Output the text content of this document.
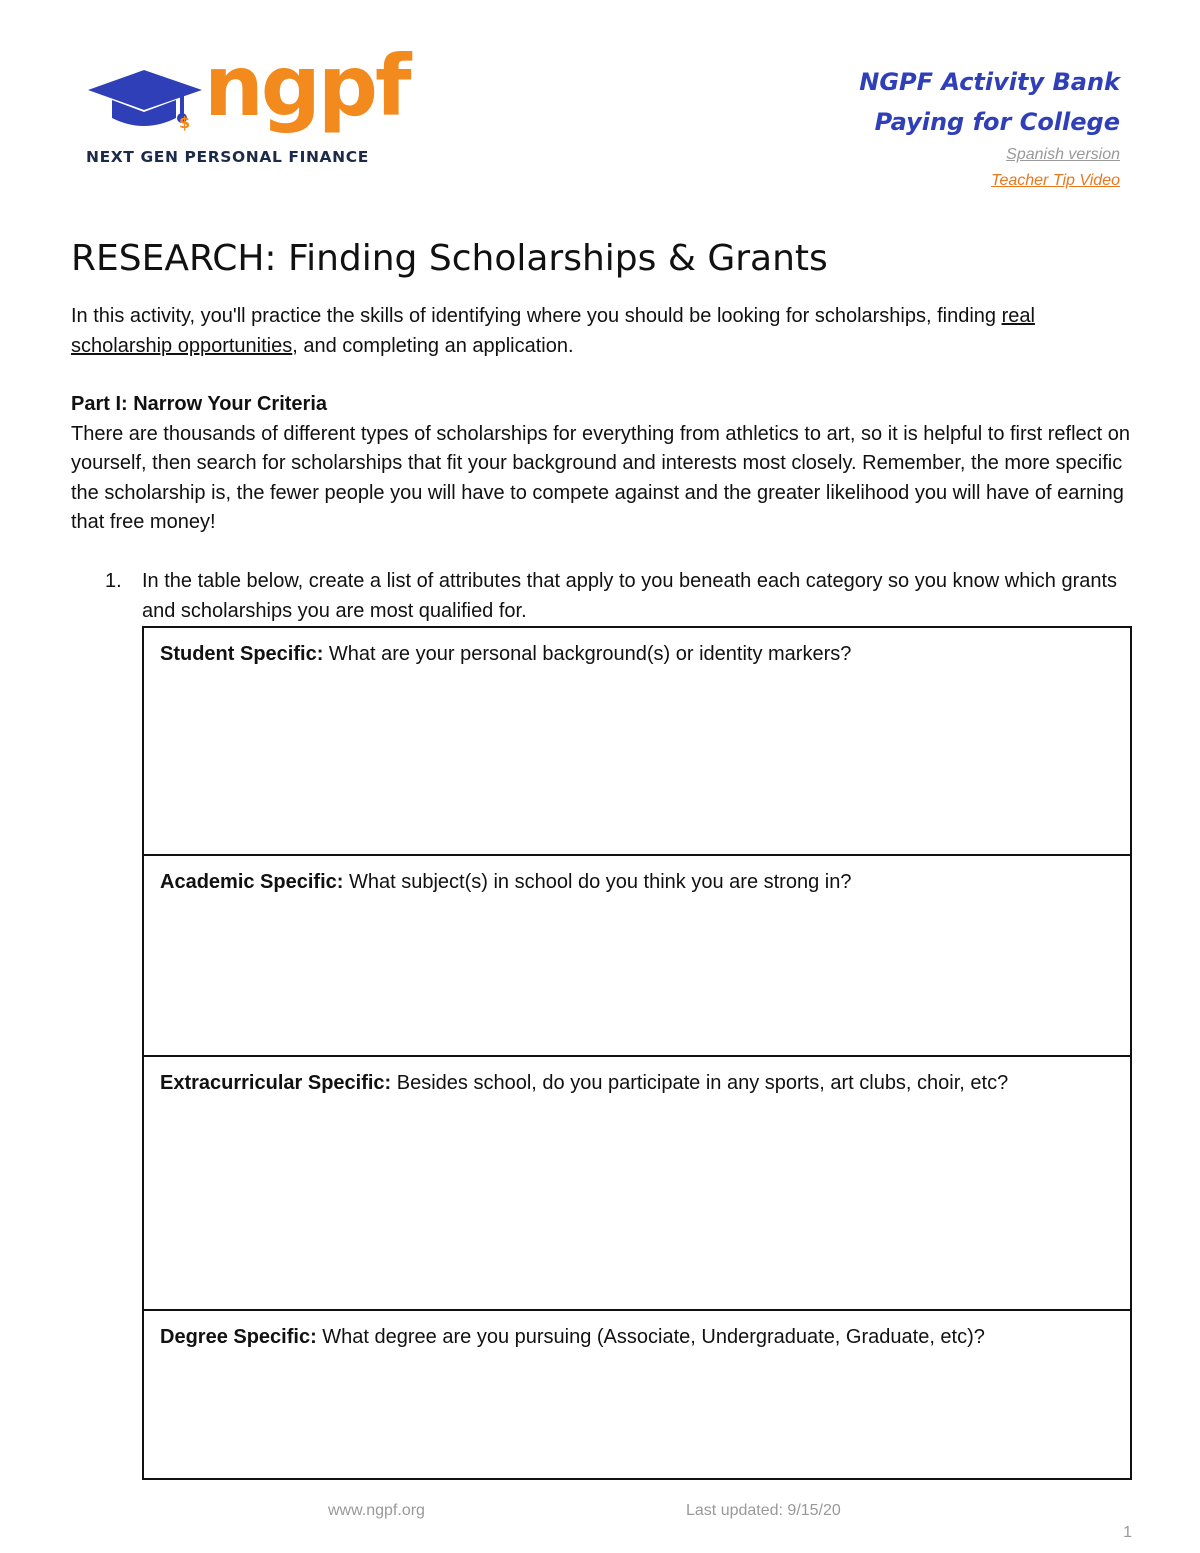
$ ngpf
NEXT GEN PERSONAL FINANCE
NGPF Activity Bank
Paying for College
Spanish version
Teacher Tip Video
RESEARCH: Finding Scholarships & Grants
In this activity, you'll practice the skills of identifying where you should be looking for scholarships, finding real scholarship opportunities, and completing an application.
Part I: Narrow Your Criteria
There are thousands of different types of scholarships for everything from athletics to art, so it is helpful to first reflect on yourself, then search for scholarships that fit your background and interests most closely. Remember, the more specific the scholarship is, the fewer people you will have to compete against and the greater likelihood you will have of earning that free money!
1. In the table below, create a list of attributes that apply to you beneath each category so you know which grants and scholarships you are most qualified for.
Student Specific: What are your personal background(s) or identity markers?
Academic Specific: What subject(s) in school do you think you are strong in?
Extracurricular Specific: Besides school, do you participate in any sports, art clubs, choir, etc?
Degree Specific: What degree are you pursuing (Associate, Undergraduate, Graduate, etc)?
www.ngpf.org	Last updated: 9/15/20
1
